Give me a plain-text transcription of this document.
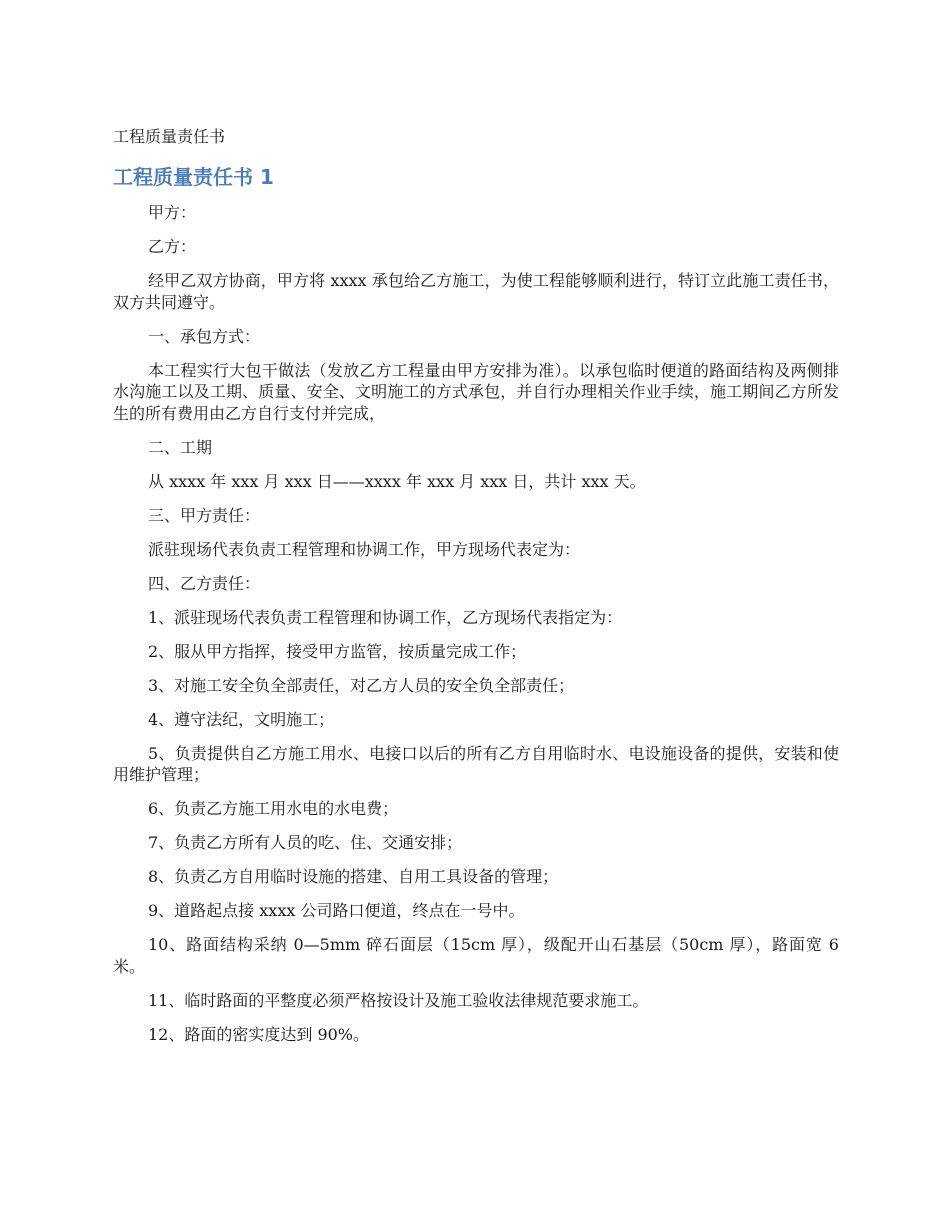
工程质量责任书
工程质量责任书 1

甲方：

乙方：

经甲乙双方协商，甲方将 xxxx 承包给乙方施工，为使工程能够顺利进行，特订立此施工责任书，双方共同遵守。

一、承包方式：

本工程实行大包干做法（发放乙方工程量由甲方安排为准）。以承包临时便道的路面结构及两侧排水沟施工以及工期、质量、安全、文明施工的方式承包，并自行办理相关作业手续，施工期间乙方所发生的所有费用由乙方自行支付并完成，

二、工期

从 xxxx 年 xxx 月 xxx 日——xxxx 年 xxx 月 xxx 日，共计 xxx 天。

三、甲方责任：

派驻现场代表负责工程管理和协调工作，甲方现场代表定为：

四、乙方责任：

1、派驻现场代表负责工程管理和协调工作，乙方现场代表指定为：

2、服从甲方指挥，接受甲方监管，按质量完成工作；

3、对施工安全负全部责任，对乙方人员的安全负全部责任；

4、遵守法纪，文明施工；

5、负责提供自乙方施工用水、电接口以后的所有乙方自用临时水、电设施设备的提供，安装和使用维护管理；

6、负责乙方施工用水电的水电费；

7、负责乙方所有人员的吃、住、交通安排；

8、负责乙方自用临时设施的搭建、自用工具设备的管理；

9、道路起点接 xxxx 公司路口便道，终点在一号中。

10、路面结构采纳 0—5mm 碎石面层（15cm 厚），级配开山石基层（50cm 厚），路面宽 6 米。

11、临时路面的平整度必须严格按设计及施工验收法律规范要求施工。

12、路面的密实度达到 90%。
